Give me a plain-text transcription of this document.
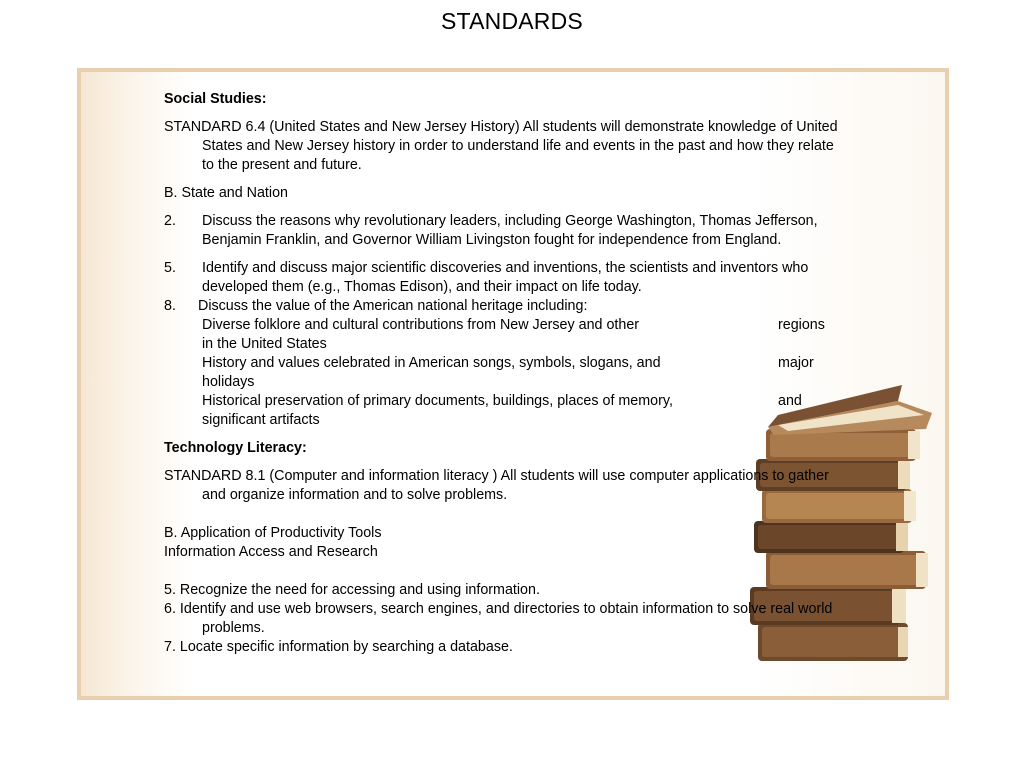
STANDARDS
Social Studies:
STANDARD 6.4 (United States and New Jersey History) All students will demonstrate knowledge of United States and New Jersey history in order to understand life and events in the past and how they relate to the present and future.
B. State and Nation
2.	Discuss the reasons why revolutionary leaders, including George Washington, Thomas Jefferson, Benjamin Franklin, and Governor William Livingston fought for independence from England.
5.	Identify and discuss major scientific discoveries and inventions, the scientists and inventors who developed them (e.g., Thomas Edison), and their impact on life today.
8.	Discuss the value of the American national heritage including:
Diverse folklore and cultural contributions from New Jersey and other	regions
in the United States
History and values celebrated in American songs, symbols, slogans, and	major
holidays
Historical preservation of primary documents, buildings, places of memory,	and
significant artifacts
Technology Literacy:
STANDARD 8.1 (Computer and information literacy ) All students will use computer applications to gather and organize information and to solve problems.
B. Application of Productivity Tools
Information Access and Research
5. Recognize the need for accessing and using information.
6. Identify and use web browsers, search engines, and directories to obtain information to solve real world problems.
7. Locate specific information by searching a database.
